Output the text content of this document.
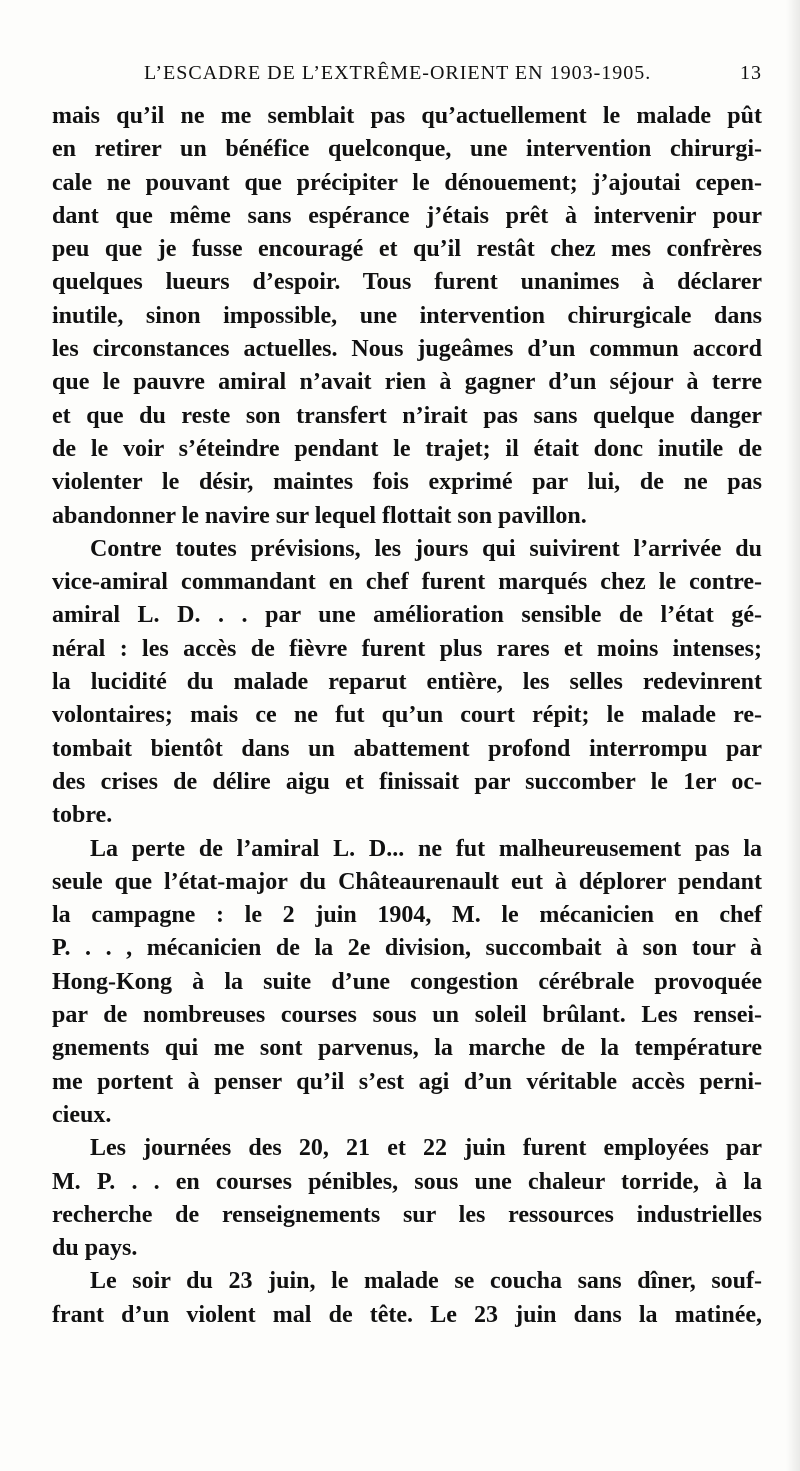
L’ESCADRE DE L’EXTRÊME-ORIENT EN 1903-1905.	13
mais qu’il ne me semblait pas qu’actuellement le malade pût
en retirer un bénéfice quelconque, une intervention chirurgi-
cale ne pouvant que précipiter le dénouement; j’ajoutai cepen-
dant que même sans espérance j’étais prêt à intervenir pour
peu que je fusse encouragé et qu’il restât chez mes confrères
quelques lueurs d’espoir. Tous furent unanimes à déclarer
inutile, sinon impossible, une intervention chirurgicale dans
les circonstances actuelles. Nous jugeâmes d’un commun accord
que le pauvre amiral n’avait rien à gagner d’un séjour à terre
et que du reste son transfert n’irait pas sans quelque danger
de le voir s’éteindre pendant le trajet; il était donc inutile de
violenter le désir, maintes fois exprimé par lui, de ne pas
abandonner le navire sur lequel flottait son pavillon.
Contre toutes prévisions, les jours qui suivirent l’arrivée du
vice-amiral commandant en chef furent marqués chez le contre-
amiral L. D. . . par une amélioration sensible de l’état gé-
néral : les accès de fièvre furent plus rares et moins intenses;
la lucidité du malade reparut entière, les selles redevinrent
volontaires; mais ce ne fut qu’un court répit; le malade re-
tombait bientôt dans un abattement profond interrompu par
des crises de délire aigu et finissait par succomber le 1er oc-
tobre.
La perte de l’amiral L. D... ne fut malheureusement pas la
seule que l’état-major du Châteaurenault eut à déplorer pendant
la campagne : le 2 juin 1904, M. le mécanicien en chef
P. . . , mécanicien de la 2e division, succombait à son tour à
Hong-Kong à la suite d’une congestion cérébrale provoquée
par de nombreuses courses sous un soleil brûlant. Les rensei-
gnements qui me sont parvenus, la marche de la température
me portent à penser qu’il s’est agi d’un véritable accès perni-
cieux.
Les journées des 20, 21 et 22 juin furent employées par
M. P. . . en courses pénibles, sous une chaleur torride, à la
recherche de renseignements sur les ressources industrielles
du pays.
Le soir du 23 juin, le malade se coucha sans dîner, souf-
frant d’un violent mal de tête. Le 23 juin dans la matinée,
